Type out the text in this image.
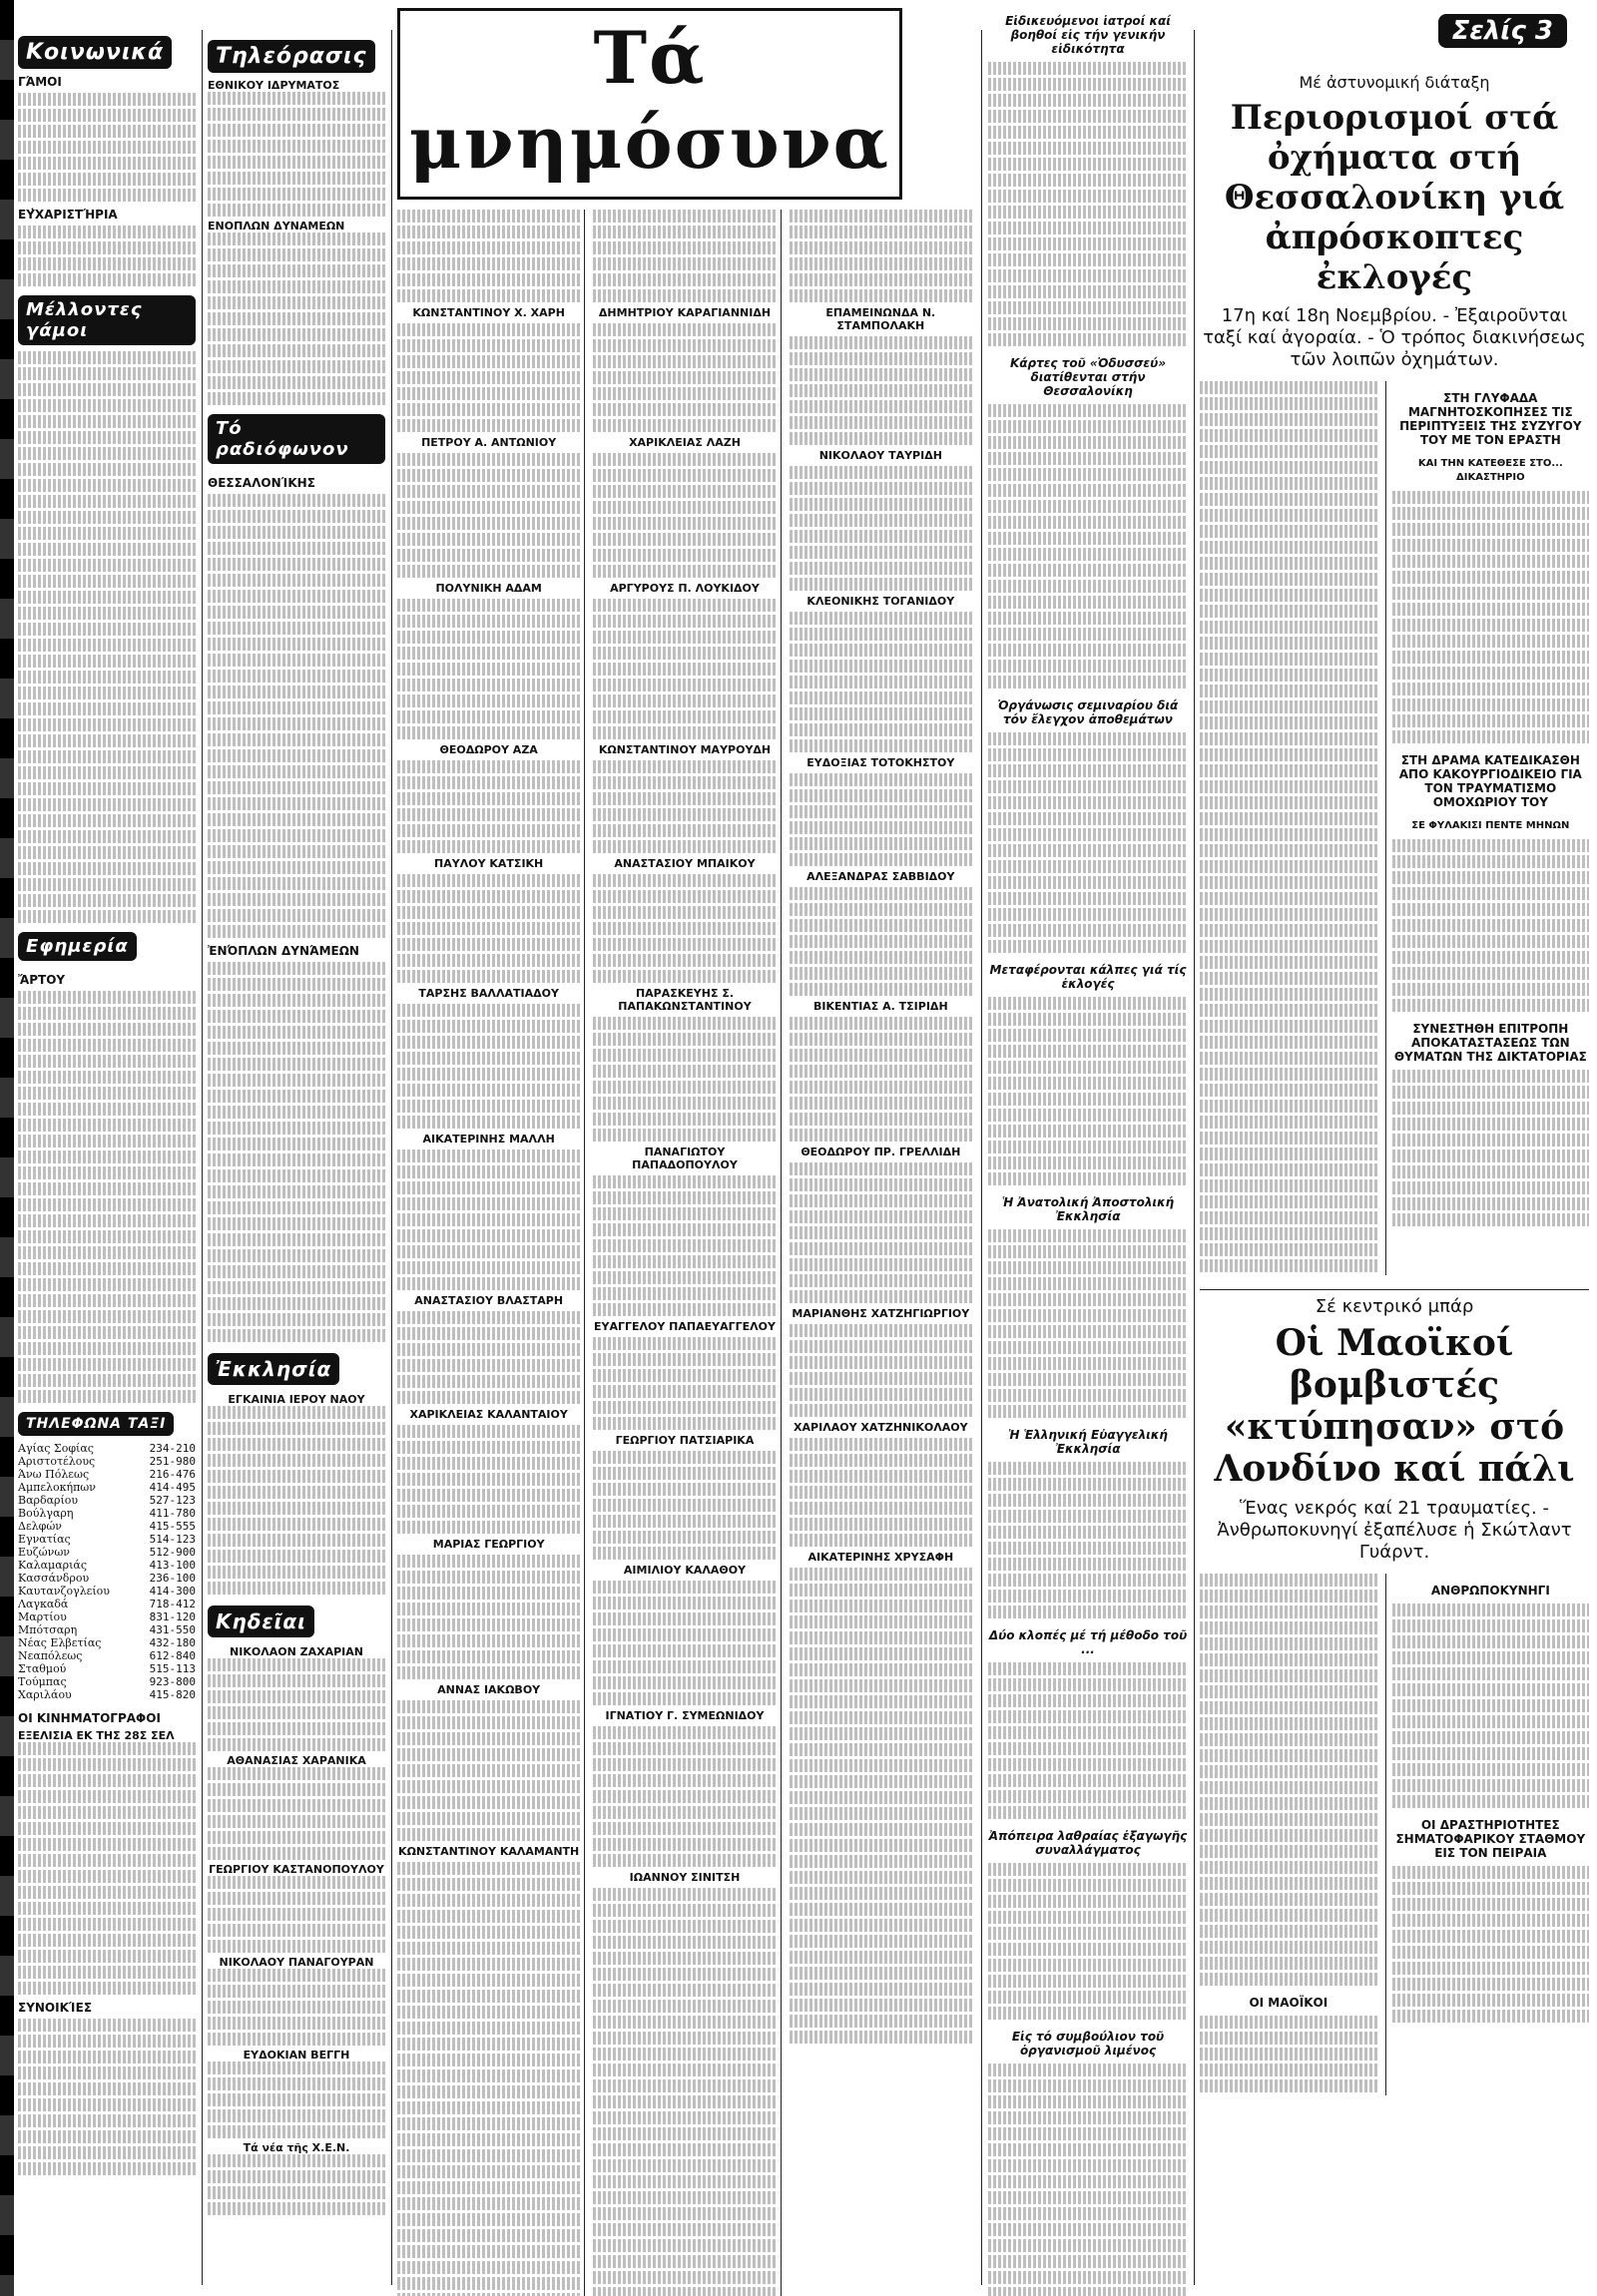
Κοινωνικά
ΓΆΜΟΙ
ΕΥ̓ΧΑΡΙΣΤΉΡΙΑ
Μέλλοντες γάμοι
Εφημερία
ἌΡΤΟΥ
ΤΗΛΕΦΩΝΑ ΤΑΞΙ
Αγίας Σοφίας	234-210
Αριστοτέλους	251-980
Άνω Πόλεως	216-476
Αμπελοκήπων	414-495
Βαρδαρίου	527-123
Βούλγαρη	411-780
Δελφών	415-555
Εγνατίας	514-123
Ευζώνων	512-900
Καλαμαριάς	413-100
Κασσάνδρου	236-100
Καυτανζογλείου	414-300
Λαγκαδά	718-412
Μαρτίου	831-120
Μπότσαρη	431-550
Νέας Ελβετίας	432-180
Νεαπόλεως	612-840
Σταθμού	515-113
Τούμπας	923-800
Χαριλάου	415-820
ΟΙ ΚΙΝΗΜΑΤΟΓΡΑΦΟΙ
ΕΞΕΛΙΣΙΑ ΕΚ ΤΗΣ 28Σ ΣΕΛ
ΣΥΝΟΙΚΊΕΣ
Τηλεόρασις
ΕΘΝΙΚΟΥ ΙΔΡΥΜΑΤΟΣ
ΕΝΟΠΛΩΝ ΔΥΝΑΜΕΩΝ
Τό ραδιόφωνον
ΘΕΣΣΑΛΟΝΊΚΗΣ
ἘΝΌΠΛΩΝ ΔΥΝΆΜΕΩΝ
Ἐκκλησία
ΕΓΚΑΙΝΙΑ ΙΕΡΟΥ ΝΑΟΥ
Κηδεῖαι
ΝΙΚΟΛΑΟΝ ΖΑΧΑΡΙΑΝ
ΑΘΑΝΑΣΙΑΣ ΧΑΡΑΝΙΚΑ
ΓΕΩΡΓΙΟΥ ΚΑΣΤΑΝΟΠΟΥΛΟΥ
ΝΙΚΟΛΑΟΥ ΠΑΝΑΓΟΥΡΑΝ
ΕΥΔΟΚΙΑΝ ΒΕΓΓΗ
Τά νέα τῆς Χ.Ε.Ν.
Τά μνημόσυνα
ΚΩΝΣΤΑΝΤΙΝΟΥ Χ. ΧΑΡΗ
ΠΕΤΡΟΥ Α. ΑΝΤΩΝΙΟΥ
ΠΟΛΥΝΙΚΗ ΑΔΑΜ
ΘΕΟΔΩΡΟΥ ΑΖΑ
ΠΑΥΛΟΥ ΚΑΤΣΙΚΗ
ΤΑΡΣΗΣ ΒΑΛΛΑΤΙΑΔΟΥ
ΑΙΚΑΤΕΡΙΝΗΣ ΜΑΛΛΗ
ΑΝΑΣΤΑΣΙΟΥ ΒΛΑΣΤΑΡΗ
ΧΑΡΙΚΛΕΙΑΣ ΚΑΛΑΝΤΑΙΟΥ
ΜΑΡΙΑΣ ΓΕΩΡΓΙΟΥ
ΑΝΝΑΣ ΙΑΚΩΒΟΥ
ΚΩΝΣΤΑΝΤΙΝΟΥ ΚΑΛΑΜΑΝΤΗ
ΔΗΜΗΤΡΙΟΥ ΚΑΡΑΓΙΑΝΝΙΔΗ
ΧΑΡΙΚΛΕΙΑΣ ΛΑΖΗ
ΑΡΓΥΡΟΥΣ Π. ΛΟΥΚΙΔΟΥ
ΚΩΝΣΤΑΝΤΙΝΟΥ ΜΑΥΡΟΥΔΗ
ΑΝΑΣΤΑΣΙΟΥ ΜΠΑΙΚΟΥ
ΠΑΡΑΣΚΕΥΗΣ Σ. ΠΑΠΑΚΩΝΣΤΑΝΤΙΝΟΥ
ΠΑΝΑΓΙΩΤΟΥ ΠΑΠΑΔΟΠΟΥΛΟΥ
ΕΥΑΓΓΕΛΟΥ ΠΑΠΑΕΥΑΓΓΕΛΟΥ
ΓΕΩΡΓΙΟΥ ΠΑΤΣΙΑΡΙΚΑ
ΑΙΜΙΛΙΟΥ ΚΑΛΑΘΟΥ
ΙΓΝΑΤΙΟΥ Γ. ΣΥΜΕΩΝΙΔΟΥ
ΙΩΑΝΝΟΥ ΣΙΝΙΤΣΗ
ΕΠΑΜΕΙΝΩΝΔΑ Ν. ΣΤΑΜΠΟΛΑΚΗ
ΝΙΚΟΛΑΟΥ ΤΑΥΡΙΔΗ
ΚΛΕΟΝΙΚΗΣ ΤΟΓΑΝΙΔΟΥ
ΕΥΔΟΞΙΑΣ ΤΟΤΟΚΗΣΤΟΥ
ΑΛΕΞΑΝΔΡΑΣ ΣΑΒΒΙΔΟΥ
ΒΙΚΕΝΤΙΑΣ Α. ΤΣΙΡΙΔΗ
ΘΕΟΔΩΡΟΥ ΠΡ. ΓΡΕΛΛΙΔΗ
ΜΑΡΙΑΝΘΗΣ ΧΑΤΖΗΓΙΩΡΓΙΟΥ
ΧΑΡΙΛΑΟΥ ΧΑΤΖΗΝΙΚΟΛΑΟΥ
ΑΙΚΑΤΕΡΙΝΗΣ ΧΡΥΣΑΦΗ
Εἰδικευόμενοι ἰατροί καί βοηθοί εἰς τήν γενικήν εἰδικότητα
Κάρτες τοῦ «Ὀδυσσεύ» διατίθενται στήν Θεσσαλονίκη
Ὀργάνωσις σεμιναρίου διά τόν ἔλεγχον ἀποθεμάτων
Μεταφέρονται κάλπες γιά τίς ἐκλογές
Ἡ Ἀνατολική Ἀποστολική Ἐκκλησία
Ἡ Ἑλληνική Εὐαγγελική Ἐκκλησία
Δύο κλοπές μέ τή μέθοδο τοῦ ...
Ἀπόπειρα λαθραίας ἐξαγωγῆς συναλλάγματος
Εἰς τό συμβούλιον τοῦ ὀργανισμοῦ λιμένος
Σελίς 3
Μέ ἀστυνομική διάταξη
Περιορισμοί στά ὀχήματα στή Θεσσαλονίκη γιά ἀπρόσκοπτες ἐκλογές
17η καί 18η Νοεμβρίου. - Ἐξαιροῦνται ταξί καί ἀγοραία. - Ὁ τρόπος διακινήσεως τῶν λοιπῶν ὀχημάτων.
ΣΤΗ ΓΛΥΦΑΔΑ ΜΑΓΝΗΤΟΣΚΟΠΗΣΕΣ ΤΙΣ ΠΕΡΙΠΤΥΞΕΙΣ ΤΗΣ ΣΥΖΥΓΟΥ ΤΟΥ ΜΕ ΤΟΝ ΕΡΑΣΤΗ
ΚΑΙ ΤΗΝ ΚΑΤΕΘΕΣΕ ΣΤΟ... ΔΙΚΑΣΤΗΡΙΟ
ΣΤΗ ΔΡΑΜΑ ΚΑΤΕΔΙΚΑΣΘΗ ΑΠΟ ΚΑΚΟΥΡΓΙΟΔΙΚΕΙΟ ΓΙΑ ΤΟΝ ΤΡΑΥΜΑΤΙΣΜΟ ΟΜΟΧΩΡΙΟΥ ΤΟΥ
ΣΕ ΦΥΛΑΚΙΣΙ ΠΕΝΤΕ ΜΗΝΩΝ
ΣΥΝΕΣΤΗΘΗ ΕΠΙΤΡΟΠΗ ΑΠΟΚΑΤΑΣΤΑΣΕΩΣ ΤΩΝ ΘΥΜΑΤΩΝ ΤΗΣ ΔΙΚΤΑΤΟΡΙΑΣ
Σέ κεντρικό μπάρ
Οἱ Μαοϊκοί βομβιστές «κτύπησαν» στό Λονδίνο καί πάλι
Ἕνας νεκρός καί 21 τραυματίες. - Ἀνθρωποκυνηγί ἐξαπέλυσε ἡ Σκώτλαντ Γυάρντ.
ΟΙ ΜΑΟΪΚΟΙ
ΑΝΘΡΩΠΟΚΥΝΗΓΙ
ΟΙ ΔΡΑΣΤΗΡΙΟΤΗΤΕΣ ΣΗΜΑΤΟΦΑΡΙΚΟΥ ΣΤΑΘΜΟΥ ΕΙΣ ΤΟΝ ΠΕΙΡΑΙΑ
